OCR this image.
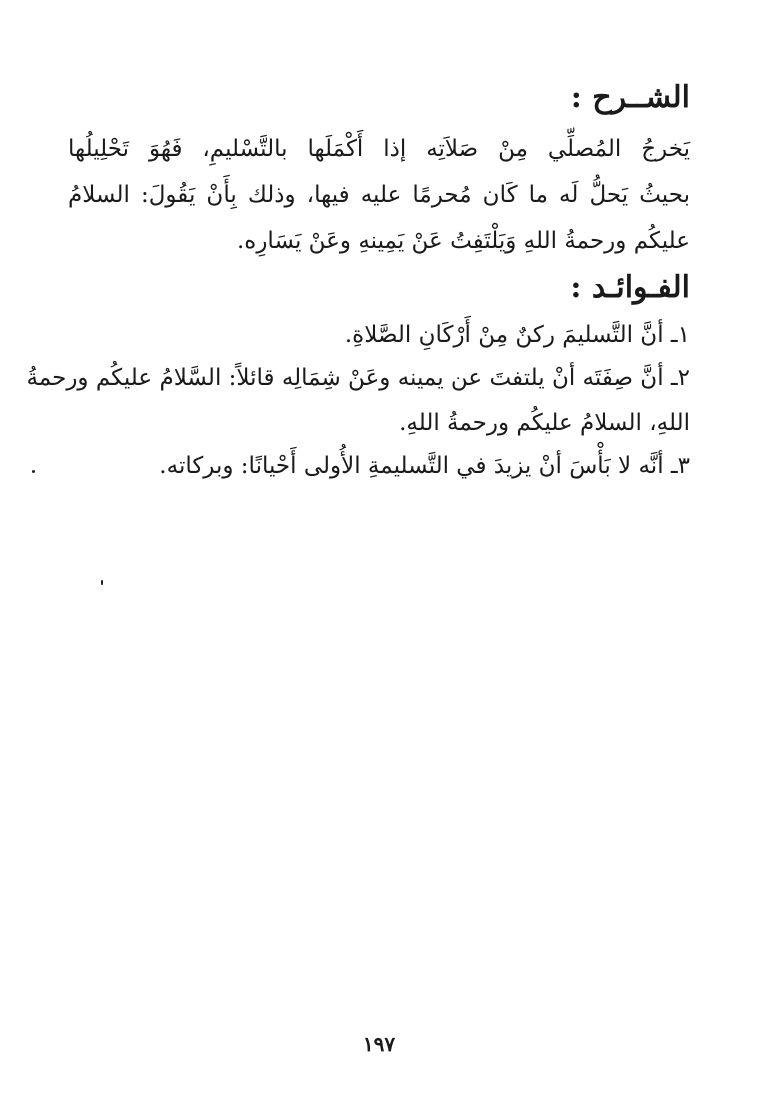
الشــرح :
يَخرجُ المُصلِّي مِنْ صَلاَتِه إذا أَكْمَلَها بالتَّسْليمِ، فَهُوَ تَحْلِيلُها
بحيثُ يَحلُّ لَه ما كَان مُحرمًا عليه فيها، وذلك بِأَنْ يَقُولَ: السلامُ
عليكُم ورحمةُ اللهِ وَيَلْتَفِتُ عَنْ يَمِينهِ وعَنْ يَسَارِه.
الفـوائـد :
١ـ أنَّ التَّسليمَ ركنٌ مِنْ أَرْكَانِ الصَّلاةِ.
٢ـ أنَّ صِفَتَه أنْ يلتفتَ عن يمينه وعَنْ شِمَالِه قائلاً: السَّلامُ عليكُم ورحمةُ
اللهِ، السلامُ عليكُم ورحمةُ اللهِ.
٣ـ أنَّه لا بَأْسَ أنْ يزيدَ في التَّسليمةِ الأُولى أَحْيانًا: وبركاته.
١٩٧
